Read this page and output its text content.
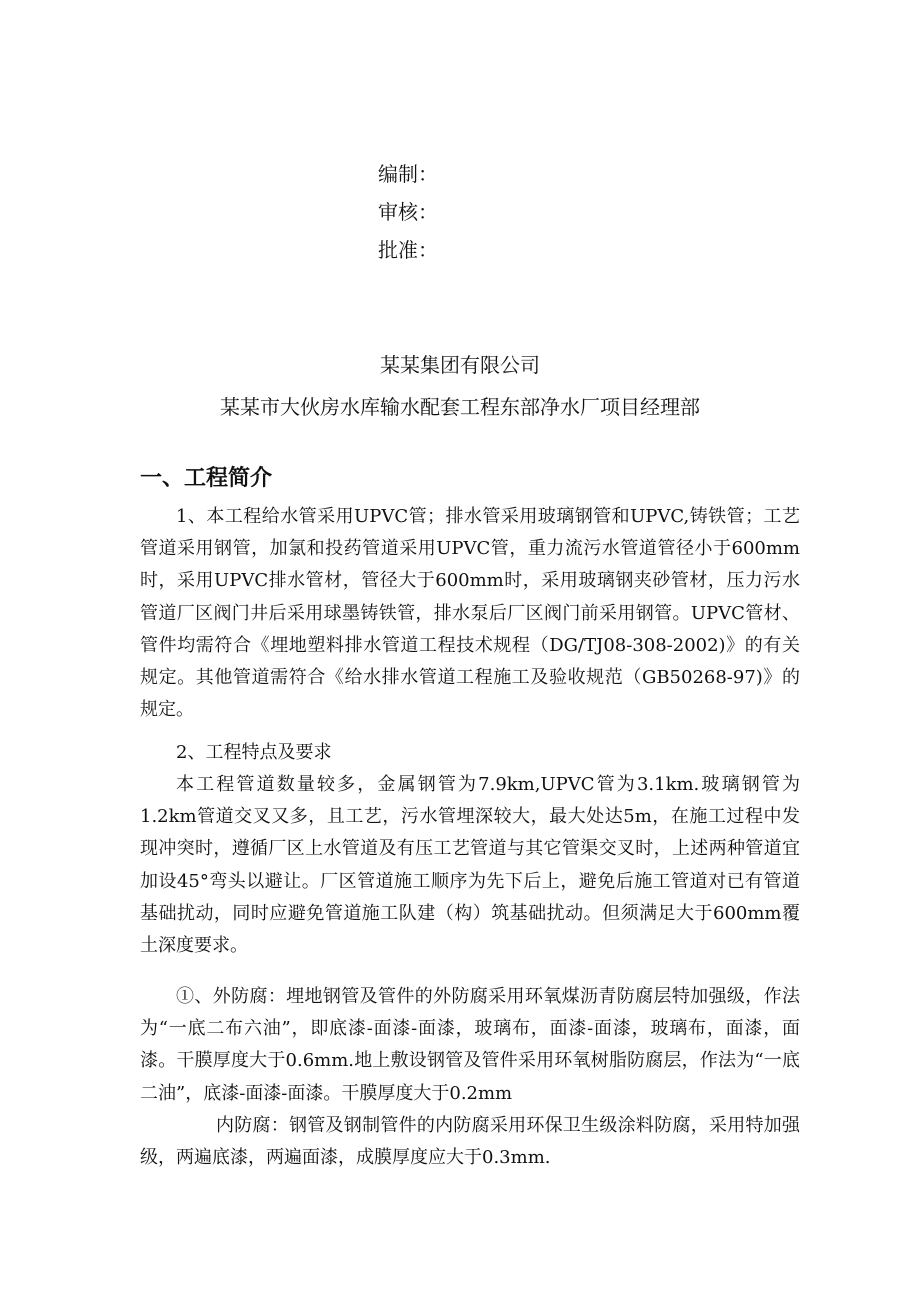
编制：
审核：
批准：
某某集团有限公司
某某市大伙房水库输水配套工程东部净水厂项目经理部
一、工程简介
1、本工程给水管采用UPVC管；排水管采用玻璃钢管和UPVC,铸铁管；工艺管道采用钢管，加氯和投药管道采用UPVC管，重力流污水管道管径小于600mm时，采用UPVC排水管材，管径大于600mm时，采用玻璃钢夹砂管材，压力污水管道厂区阀门井后采用球墨铸铁管，排水泵后厂区阀门前采用钢管。UPVC管材、管件均需符合《埋地塑料排水管道工程技术规程（DG/TJ08-308-2002)》的有关规定。其他管道需符合《给水排水管道工程施工及验收规范（GB50268-97)》的规定。
2、工程特点及要求
本工程管道数量较多，金属钢管为7.9km,UPVC管为3.1km.玻璃钢管为1.2km管道交叉又多，且工艺，污水管埋深较大，最大处达5m，在施工过程中发现冲突时，遵循厂区上水管道及有压工艺管道与其它管渠交叉时，上述两种管道宜加设45°弯头以避让。厂区管道施工顺序为先下后上，避免后施工管道对已有管道基础扰动，同时应避免管道施工队建（构）筑基础扰动。但须满足大于600mm覆土深度要求。
①、外防腐：埋地钢管及管件的外防腐采用环氧煤沥青防腐层特加强级，作法为“一底二布六油”，即底漆-面漆-面漆，玻璃布，面漆-面漆，玻璃布，面漆，面漆。干膜厚度大于0.6mm.地上敷设钢管及管件采用环氧树脂防腐层，作法为“一底二油”，底漆-面漆-面漆。干膜厚度大于0.2mm
内防腐：钢管及钢制管件的内防腐采用环保卫生级涂料防腐，采用特加强级，两遍底漆，两遍面漆，成膜厚度应大于0.3mm.
